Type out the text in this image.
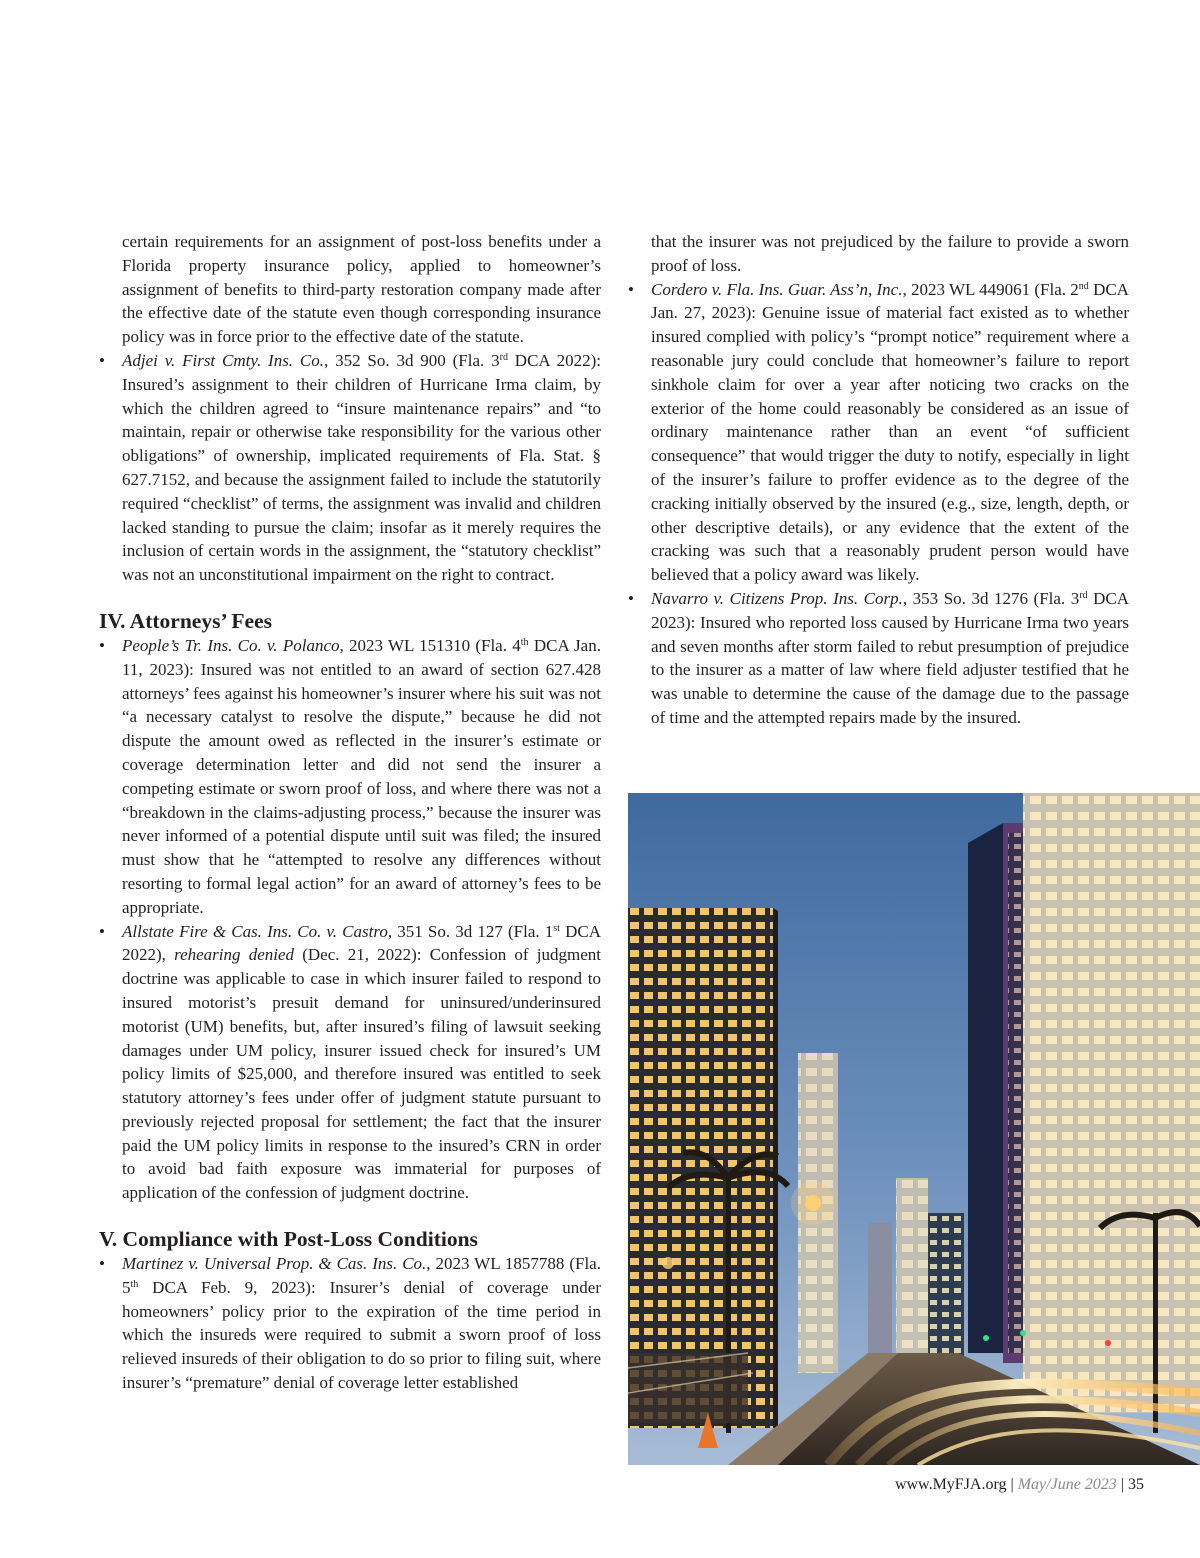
certain requirements for an assignment of post-loss benefits under a Florida property insurance policy, applied to homeowner’s assignment of benefits to third-party restoration company made after the effective date of the statute even though corresponding insurance policy was in force prior to the effective date of the statute.

• Adjei v. First Cmty. Ins. Co., 352 So. 3d 900 (Fla. 3rd DCA 2022): Insured’s assignment to their children of Hurricane Irma claim, by which the children agreed to “insure maintenance repairs” and “to maintain, repair or otherwise take responsibility for the various other obligations” of ownership, implicated requirements of Fla. Stat. § 627.7152, and because the assignment failed to include the statutorily required “checklist” of terms, the assignment was invalid and children lacked standing to pursue the claim; insofar as it merely requires the inclusion of certain words in the assignment, the “statutory checklist” was not an unconstitutional impairment on the right to contract.

IV. Attorneys’ Fees

• People’s Tr. Ins. Co. v. Polanco, 2023 WL 151310 (Fla. 4th DCA Jan. 11, 2023): Insured was not entitled to an award of section 627.428 attorneys’ fees against his homeowner’s insurer where his suit was not “a necessary catalyst to resolve the dispute,” because he did not dispute the amount owed as reflected in the insurer’s estimate or coverage determination letter and did not send the insurer a competing estimate or sworn proof of loss, and where there was not a “breakdown in the claims-adjusting process,” because the insurer was never informed of a potential dispute until suit was filed; the insured must show that he “attempted to resolve any differences without resorting to formal legal action” for an award of attorney’s fees to be appropriate.

• Allstate Fire & Cas. Ins. Co. v. Castro, 351 So. 3d 127 (Fla. 1st DCA 2022), rehearing denied (Dec. 21, 2022): Confession of judgment doctrine was applicable to case in which insurer failed to respond to insured motorist’s presuit demand for uninsured/underinsured motorist (UM) benefits, but, after insured’s filing of lawsuit seeking damages under UM policy, insurer issued check for insured’s UM policy limits of $25,000, and therefore insured was entitled to seek statutory attorney’s fees under offer of judgment statute pursuant to previously rejected proposal for settlement; the fact that the insurer paid the UM policy limits in response to the insured’s CRN in order to avoid bad faith exposure was immaterial for purposes of application of the confession of judgment doctrine.

V. Compliance with Post-Loss Conditions

• Martinez v. Universal Prop. & Cas. Ins. Co., 2023 WL 1857788 (Fla. 5th DCA Feb. 9, 2023): Insurer’s denial of coverage under homeowners’ policy prior to the expiration of the time period in which the insureds were required to submit a sworn proof of loss relieved insureds of their obligation to do so prior to filing suit, where insurer’s “premature” denial of coverage letter established

that the insurer was not prejudiced by the failure to provide a sworn proof of loss.

• Cordero v. Fla. Ins. Guar. Ass’n, Inc., 2023 WL 449061 (Fla. 2nd DCA Jan. 27, 2023): Genuine issue of material fact existed as to whether insured complied with policy’s “prompt notice” requirement where a reasonable jury could conclude that homeowner’s failure to report sinkhole claim for over a year after noticing two cracks on the exterior of the home could reasonably be considered as an issue of ordinary maintenance rather than an event “of sufficient consequence” that would trigger the duty to notify, especially in light of the insurer’s failure to proffer evidence as to the degree of the cracking initially observed by the insured (e.g., size, length, depth, or other descriptive details), or any evidence that the extent of the cracking was such that a reasonably prudent person would have believed that a policy award was likely.

• Navarro v. Citizens Prop. Ins. Corp., 353 So. 3d 1276 (Fla. 3rd DCA 2023): Insured who reported loss caused by Hurricane Irma two years and seven months after storm failed to rebut presumption of prejudice to the insurer as a matter of law where field adjuster testified that he was unable to determine the cause of the damage due to the passage of time and the attempted repairs made by the insured.

www.MyFJA.org | May/June 2023 | 35
